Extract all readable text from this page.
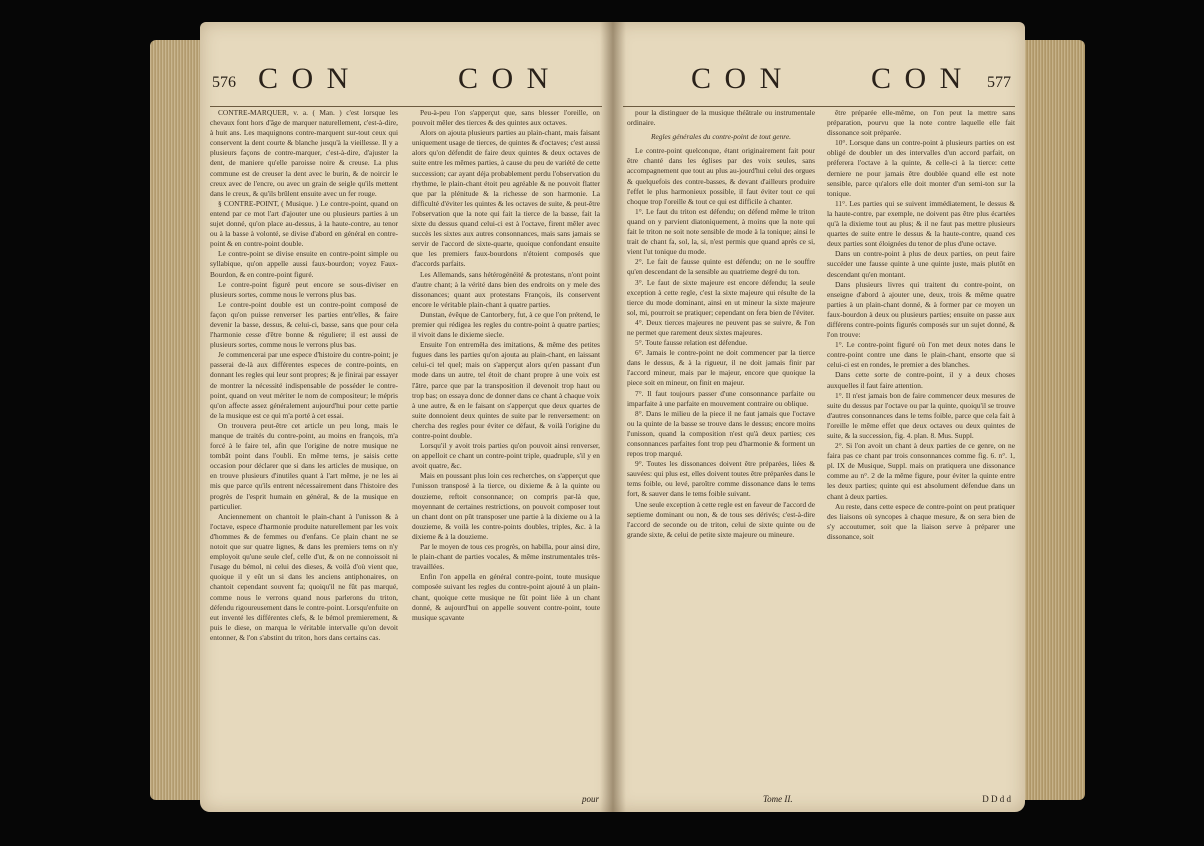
576 C O N	C O N

CONTRE-MARQUER, v. a. ( Man. ) c'est lorsque les chevaux font hors d'âge de marquer naturellement, c'est-à-dire, à huit ans. Les maquignons contre-marquent sur-tout ceux qui conservent la dent courte & blanche jusqu'à la vieillesse. Il y a plusieurs façons de contre-marquer, c'est-à-dire, d'ajuster la dent, de maniere qu'elle paroisse noire & creuse. La plus commune est de creuser la dent avec le burin, & de noircir le creux avec de l'encre, ou avec un grain de seigle qu'ils mettent dans le creux, & qu'ils brûlent ensuite avec un fer rouge.

§ CONTRE-POINT, ( Musique. ) Le contre-point, quand on entend par ce mot l'art d'ajouter une ou plusieurs parties à un sujet donné, qu'on place au-dessus, à la haute-contre, au tenor ou à la basse à volonté, se divise d'abord en général en contre-point & en contre-point double.

Le contre-point se divise ensuite en contre-point simple ou syllabique, qu'on appelle aussi faux-bourdon; voyez Faux-Bourdon, & en contre-point figuré.

Le contre-point figuré peut encore se sous-diviser en plusieurs sortes, comme nous le verrons plus bas.

Le contre-point double est un contre-point composé de façon qu'on puisse renverser les parties entr'elles, & faire devenir la basse, dessus, & celui-ci, basse, sans que pour cela l'harmonie cesse d'être bonne & réguliere; il est aussi de plusieurs sortes, comme nous le verrons plus bas.

Je commencerai par une espece d'histoire du contre-point; je passerai de-là aux différentes especes de contre-points, en donnant les regles qui leur sont propres; & je finirai par essayer de montrer la nécessité indispensable de posséder le contre-point, quand on veut mériter le nom de compositeur; le mépris qu'on affecte assez généralement aujourd'hui pour cette partie de la musique est ce qui m'a porté à cet essai.

On trouvera peut-être cet article un peu long, mais le manque de traités du contre-point, au moins en françois, m'a forcé à le faire tel, afin que l'origine de notre musique ne tombât point dans l'oubli. En même tems, je saisis cette occasion pour déclarer que si dans les articles de musique, on en trouve plusieurs d'inutiles quant à l'art même, je ne les ai mis que parce qu'ils entrent nécessairement dans l'histoire des progrès de l'esprit humain en général, & de la musique en particulier.

Anciennement on chantoit le plain-chant à l'unisson & à l'octave, espece d'harmonie produite naturellement par les voix d'hommes & de femmes ou d'enfans. Ce plain chant ne se notoit que sur quatre lignes, & dans les premiers tems on n'y employoit qu'une seule clef, celle d'ut, & on ne connoissoit ni l'usage du bémol, ni celui des dieses, & voilà d'où vient que, quoique il y eût un si dans les anciens antiphonaires, on chantoit cependant souvent fa; quoiqu'il ne fût pas marqué, comme nous le verrons quand nous parlerons du triton, défendu rigoureusement dans le contre-point. Lorsqu'enfuite on eut inventé les différentes clefs, & le bémol premierement, & puis le diese, on marqua le véritable intervalle qu'on devoit entonner, & l'on s'abstint du triton, hors dans certains cas.

Peu-à-peu l'on s'apperçut que, sans blesser l'oreille, on pouvoit mêler des tierces & des quintes aux octaves.

Alors on ajouta plusieurs parties au plain-chant, mais faisant uniquement usage de tierces, de quintes & d'octaves; c'est aussi alors qu'on défendit de faire deux quintes & deux octaves de suite entre les mêmes parties, à cause du peu de variété de cette succession; car ayant déja probablement perdu l'observation du rhythme, le plain-chant étoit peu agréable & ne pouvoit flatter que par la plénitude & la richesse de son harmonie. La difficulté d'éviter les quintes & les octaves de suite, & peut-être l'observation que la note qui fait la tierce de la basse, fait la sixte du dessus quand celui-ci est à l'octave, firent mêler avec succès les sixtes aux autres consonnances, mais sans jamais se servir de l'accord de sixte-quarte, quoique confondant ensuite que les premiers faux-bourdons n'étoient composés que d'accords parfaits.

Les Allemands, sans hétérogénéité & protestans, n'ont point d'autre chant; à la vérité dans bien des endroits on y mele des dissonances; quant aux protestans François, ils conservent encore le véritable plain-chant à quatre parties.

Dunstan, évêque de Cantorbery, fut, à ce que l'on prétend, le premier qui rédigea les regles du contre-point à quatre parties; il vivoit dans le dixieme siecle.

Ensuite l'on entremêla des imitations, & même des petites fugues dans les parties qu'on ajouta au plain-chant, en laissant celui-ci tel quel; mais on s'apperçut alors qu'en passant d'un mode dans un autre, tel étoit de chant propre à une voix est l'âtre, parce que par la transposition il devenoit trop haut ou trop bas; on essaya donc de donner dans ce chant à chaque voix à une autre, & en le faisant on s'apperçut que deux quartes de suite donnoient deux quintes de suite par le renversement: on chercha des regles pour éviter ce défaut, & voilà l'origine du contre-point double.

Lorsqu'il y avoit trois parties qu'on pouvoit ainsi renverser, on appelloit ce chant un contre-point triple, quadruple, s'il y en avoit quatre, &c.

Mais en poussant plus loin ces recherches, on s'apperçut que l'unisson transposé à la tierce, ou dixieme & à la quinte ou douzieme, reftoit consonnance; on compris par-là que, moyennant de certaines restrictions, on pouvoit composer tout un chant dont on pût transposer une partie à la dixieme ou à la douzieme, & voilà les contre-points doubles, triples, &c. à la dixieme & à la douzieme.

Par le moyen de tous ces progrès, on habilla, pour ainsi dire, le plain-chant de parties vocales, & même instrumentales très-travaillées.

Enfin l'on appella en général contre-point, toute musique composée suivant les regles du contre-point ajouté à un plain-chant, quoique cette musique ne fût point liée à un chant donné, & aujourd'hui on appelle souvent contre-point, toute musique sçavante

pour
C O N	C O N 577

pour la distinguer de la musique théâtrale ou instrumentale ordinaire.

Regles générales du contre-point de tout genre.

Le contre-point quelconque, étant originairement fait pour être chanté dans les églises par des voix seules, sans accompagnement que tout au plus au-jourd'hui celui des orgues & quelquefois des contre-basses, & devant d'ailleurs produire l'effet le plus harmonieux possible, il faut éviter tout ce qui choque trop l'oreille & tout ce qui est difficile à chanter.

1°. Le faut du triton est défendu; on défend même le triton quand on y parvient diatoniquement, à moins que la note qui fait le triton ne soit note sensible de mode à la tonique; ainsi le trait de chant fa, sol, la, si, n'est permis que quand après ce si, vient l'ut tonique du mode.

2°. Le fait de fausse quinte est défendu; on ne le souffre qu'en descendant de la sensible au quatrieme degré du ton.

3°. Le faut de sixte majeure est encore défendu; la seule exception à cette regle, c'est la sixte majeure qui résulte de la tierce du mode dominant, ainsi en ut mineur la sixte majeure sol, mi, pourroit se pratiquer; cependant on fera bien de l'éviter.

4°. Deux tierces majeures ne peuvent pas se suivre, & l'on ne permet que rarement deux sixtes majeures.

5°. Toute fausse relation est défendue.

6°. Jamais le contre-point ne doit commencer par la tierce dans le dessus, & à la rigueur, il ne doit jamais finir par l'accord mineur, mais par le majeur, encore que quoique la piece soit en mineur, on finit en majeur.

7°. Il faut toujours passer d'une consonnance parfaite ou imparfaite à une parfaite en mouvement contraire ou oblique.

8°. Dans le milieu de la piece il ne faut jamais que l'octave ou la quinte de la basse se trouve dans le dessus; encore moins l'unisson, quand la composition n'est qu'à deux parties; ces consonnances parfaites font trop peu d'harmonie & forment un repos trop marqué.

9°. Toutes les dissonances doivent être préparées, liées & sauvées: qui plus est, elles doivent toutes être préparées dans le tems foible, ou levé, paroître comme dissonance dans le tems fort, & sauver dans le tems foible suivant.

Une seule exception à cette regle est en faveur de l'accord de septieme dominant ou non, & de tous ses dérivés; c'est-à-dire l'accord de seconde ou de triton, celui de sixte quinte ou de grande sixte, & celui de petite sixte majeure ou mineure.

être préparée elle-même, on l'on peut la mettre sans préparation, pourvu que la note contre laquelle elle fait dissonance soit préparée.

10°. Lorsque dans un contre-point à plusieurs parties on est obligé de doubler un des intervalles d'un accord parfait, on préferera l'octave à la quinte, & celle-ci à la tierce: cette derniere ne pour jamais être doublée quand elle est note sensible, parce qu'alors elle doit monter d'un semi-ton sur la tonique.

11°. Les parties qui se suivent immédiatement, le dessus & la haute-contre, par exemple, ne doivent pas être plus écartées qu'à la dixieme tout au plus; & il ne faut pas mettre plusieurs quartes de suite entre le dessus & la haute-contre, quand ces deux parties sont éloignées du tenor de plus d'une octave.

Dans un contre-point à plus de deux parties, on peut faire succéder une fausse quinte à une quinte juste, mais plutôt en descendant qu'en montant.

Dans plusieurs livres qui traitent du contre-point, on enseigne d'abord à ajouter une, deux, trois & même quatre parties à un plain-chant donné, & à former par ce moyen un faux-bourdon à deux ou plusieurs parties; ensuite on passe aux différens contre-points figurés composés sur un sujet donné, & l'on trouve:

1°. Le contre-point figuré où l'on met deux notes dans le contre-point contre une dans le plain-chant, ensorte que si celui-ci est en rondes, le premier a des blanches.

Dans cette sorte de contre-point, il y a deux choses auxquelles il faut faire attention.

1°. Il n'est jamais bon de faire commencer deux mesures de suite du dessus par l'octave ou par la quinte, quoiqu'il se trouve d'autres consonnances dans le tems foible, parce que cela fait à l'oreille le même effet que deux octaves ou deux quintes de suite, & la succession, fig. 4. plan. 8. Mus. Suppl.

2°. Si l'on avoit un chant à deux parties de ce genre, on ne faira pas ce chant par trois consonnances comme fig. 6. n°. 1, pl. IX de Musique, Suppl. mais on pratiquera une dissonance comme au n°. 2 de la même figure, pour éviter la quinte entre les deux parties; quinte qui est absolument défendue dans un chant à deux parties.

Au reste, dans cette espece de contre-point on peut pratiquer des liaisons où syncopes à chaque mesure, & on sera bien de s'y accoutumer, soit que la liaison serve à préparer une dissonance, soit

Tome II.	D D d d
